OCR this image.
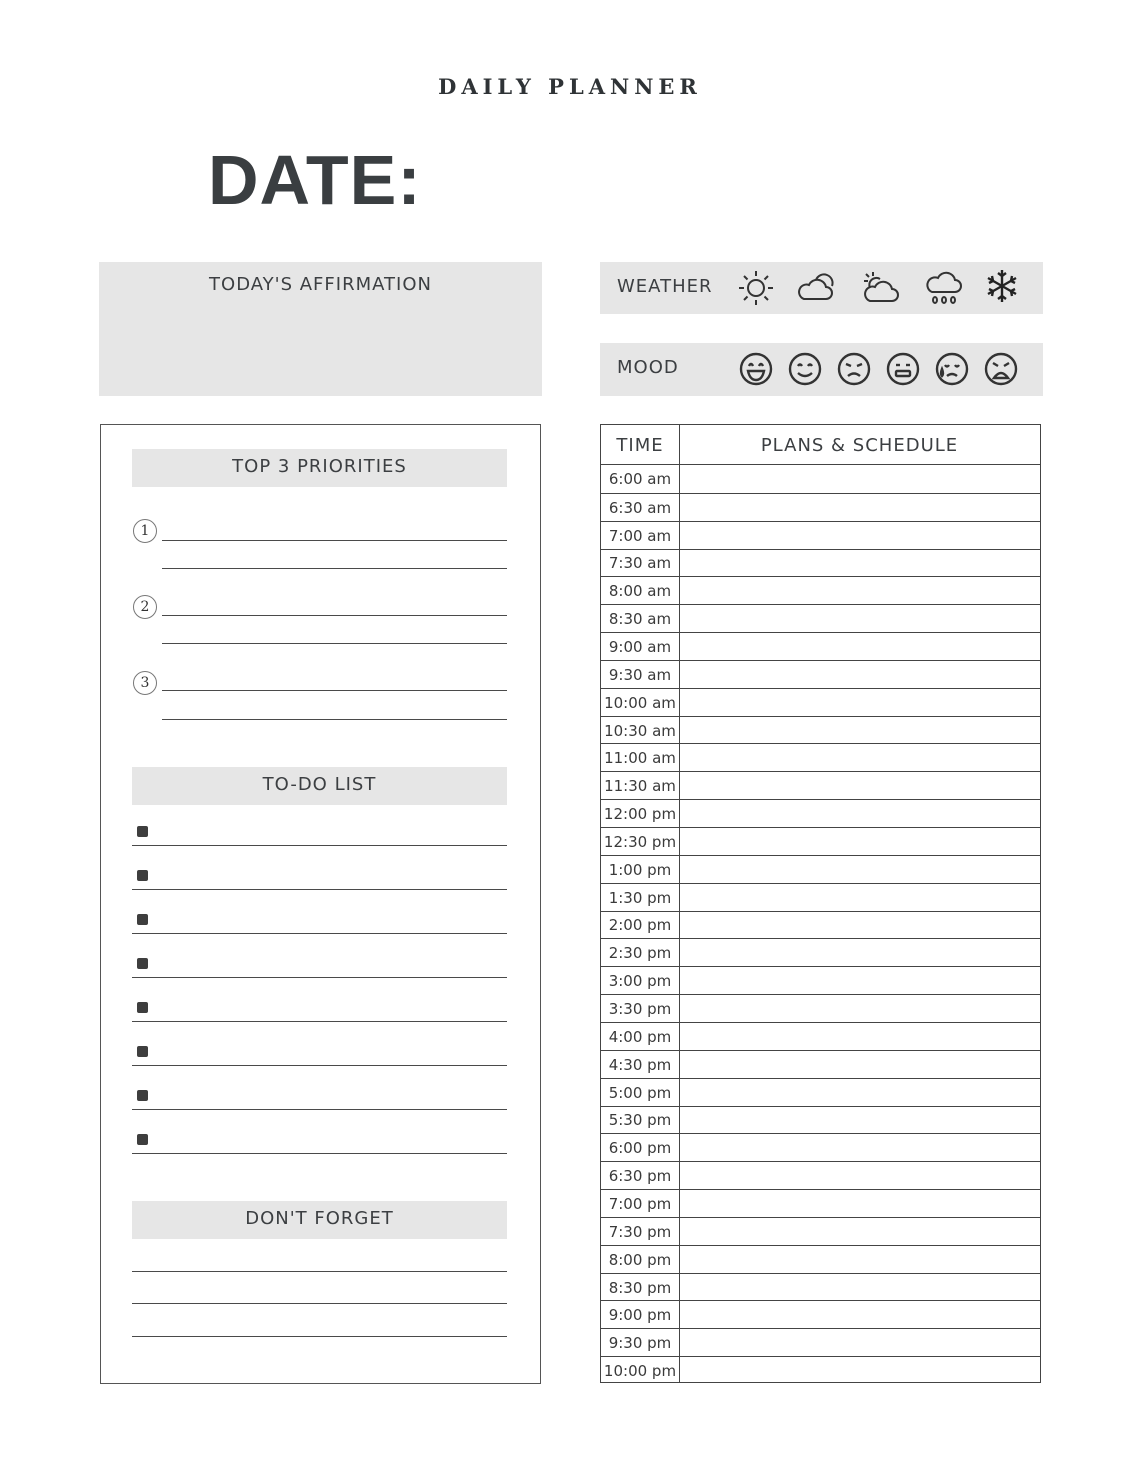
DAILY PLANNER
DATE:
TODAY'S AFFIRMATION	WEATHER
MOOD
TOP 3 PRIORITIES
1
2
3
TO-DO LIST
DON'T FORGET
TIME	PLANS & SCHEDULE
6:00 am
6:30 am
7:00 am
7:30 am
8:00 am
8:30 am
9:00 am
9:30 am
10:00 am
10:30 am
11:00 am
11:30 am
12:00 pm
12:30 pm
1:00 pm
1:30 pm
2:00 pm
2:30 pm
3:00 pm
3:30 pm
4:00 pm
4:30 pm
5:00 pm
5:30 pm
6:00 pm
6:30 pm
7:00 pm
7:30 pm
8:00 pm
8:30 pm
9:00 pm
9:30 pm
10:00 pm
